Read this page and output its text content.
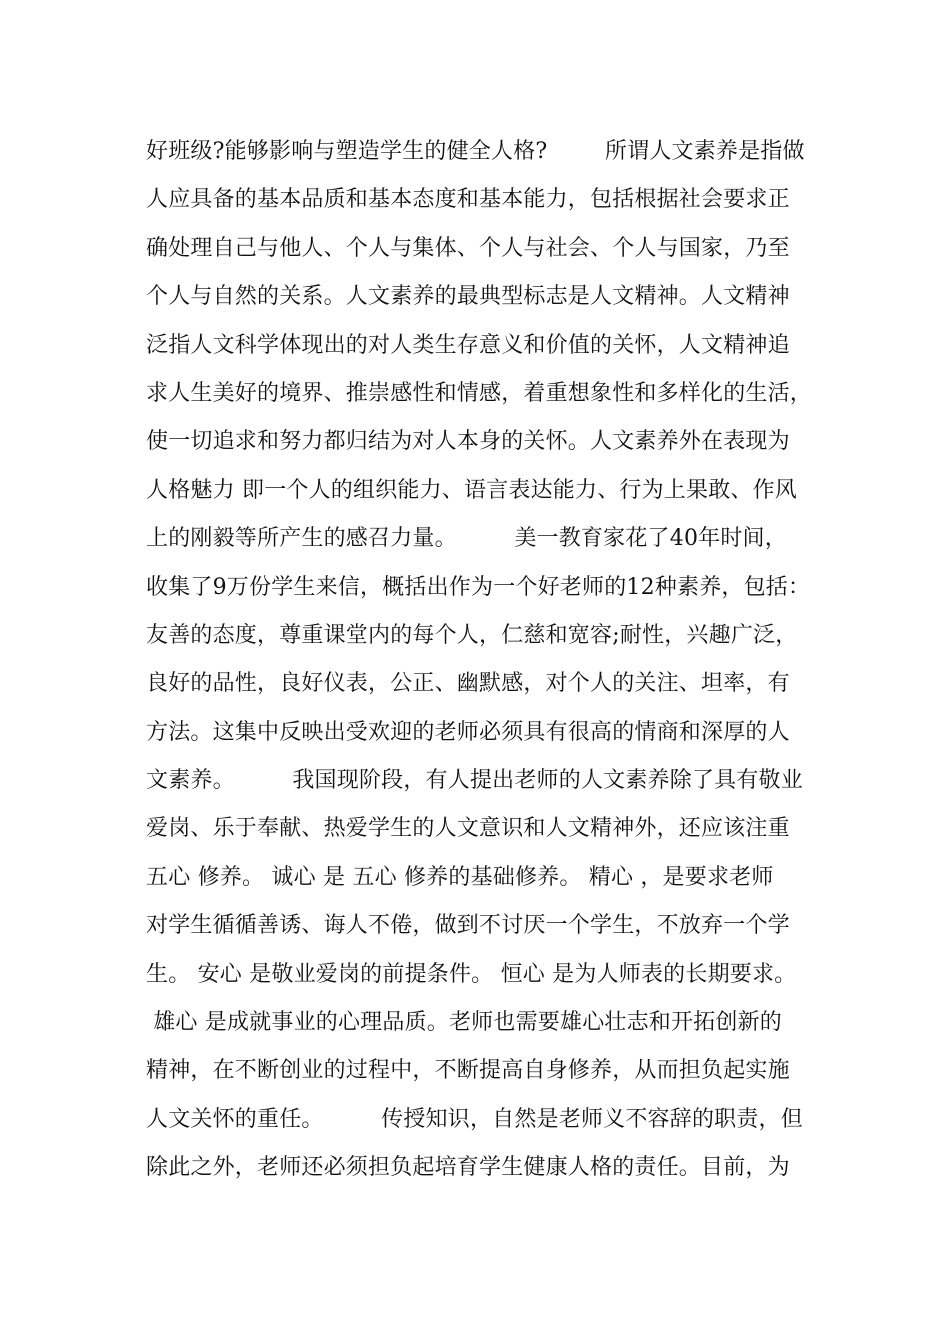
好班级?能够影响与塑造学生的健全人格?        所谓人文素养是指做
人应具备的基本品质和基本态度和基本能力，包括根据社会要求正
确处理自己与他人、个人与集体、个人与社会、个人与国家，乃至
个人与自然的关系。人文素养的最典型标志是人文精神。人文精神
泛指人文科学体现出的对人类生存意义和价值的关怀，人文精神追
求人生美好的境界、推崇感性和情感，着重想象性和多样化的生活，
使一切追求和努力都归结为对人本身的关怀。人文素养外在表现为
人格魅力 即一个人的组织能力、语言表达能力、行为上果敢、作风
上的刚毅等所产生的感召力量。        美一教育家花了40年时间，
收集了9万份学生来信，概括出作为一个好老师的12种素养，包括：
友善的态度，尊重课堂内的每个人，仁慈和宽容;耐性，兴趣广泛，
良好的品性，良好仪表，公正、幽默感，对个人的关注、坦率，有
方法。这集中反映出受欢迎的老师必须具有很高的情商和深厚的人
文素养。        我国现阶段，有人提出老师的人文素养除了具有敬业
爱岗、乐于奉献、热爱学生的人文意识和人文精神外，还应该注重
五心 修养。 诚心 是 五心 修养的基础修养。 精心 ，是要求老师
对学生循循善诱、诲人不倦，做到不讨厌一个学生，不放弃一个学
生。 安心 是敬业爱岗的前提条件。 恒心 是为人师表的长期要求。
雄心 是成就事业的心理品质。老师也需要雄心壮志和开拓创新的
精神，在不断创业的过程中，不断提高自身修养，从而担负起实施
人文关怀的重任。        传授知识，自然是老师义不容辞的职责，但
除此之外，老师还必须担负起培育学生健康人格的责任。目前，为
